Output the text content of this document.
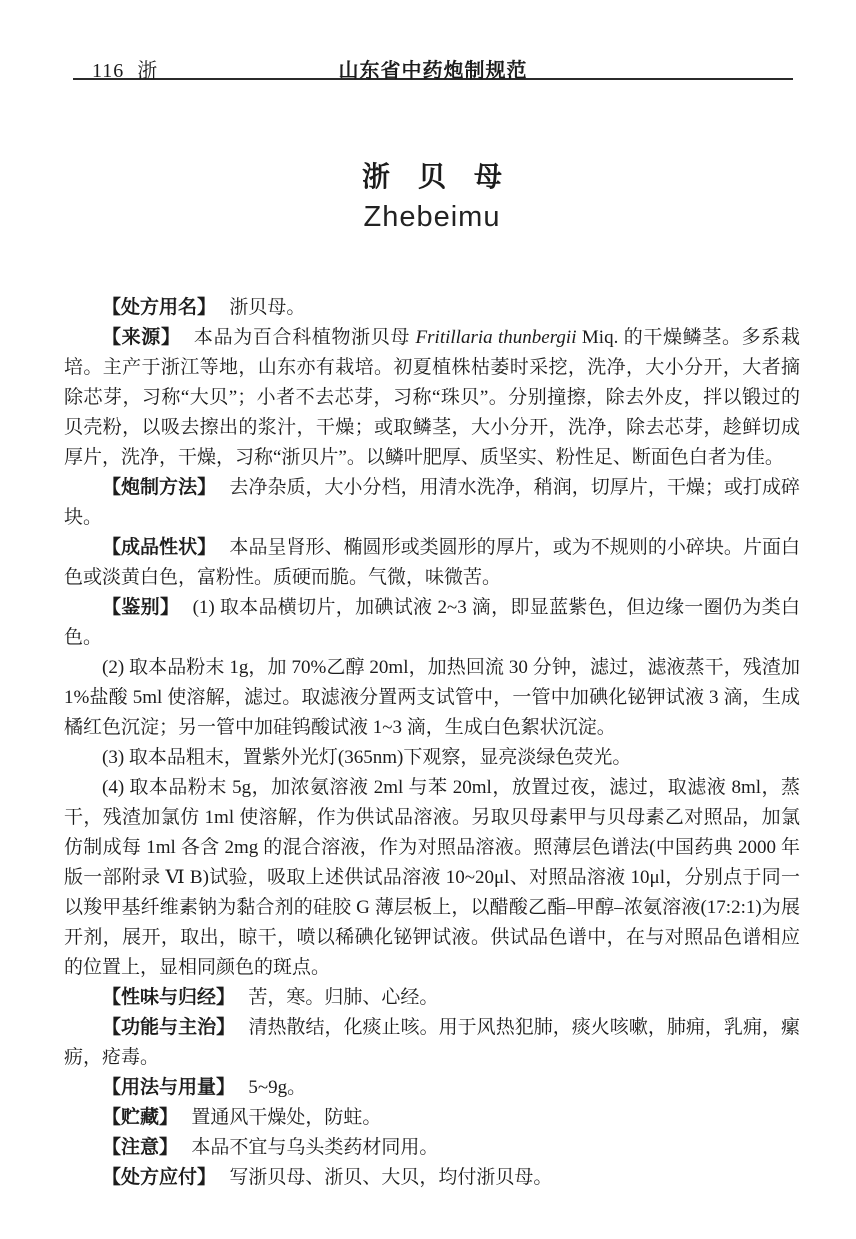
116 浙	山东省中药炮制规范
浙　贝　母
Zhebeimu

【处方用名】 浙贝母。

【来源】 本品为百合科植物浙贝母 Fritillaria thunbergii Miq. 的干燥鳞茎。多系栽培。主产于浙江等地，山东亦有栽培。初夏植株枯萎时采挖，洗净，大小分开，大者摘除芯芽，习称“大贝”；小者不去芯芽，习称“珠贝”。分别撞擦，除去外皮，拌以锻过的贝壳粉，以吸去擦出的浆汁，干燥；或取鳞茎，大小分开，洗净，除去芯芽，趁鲜切成厚片，洗净，干燥，习称“浙贝片”。以鳞叶肥厚、质坚实、粉性足、断面色白者为佳。

【炮制方法】 去净杂质，大小分档，用清水洗净，稍润，切厚片，干燥；或打成碎块。

【成品性状】 本品呈肾形、椭圆形或类圆形的厚片，或为不规则的小碎块。片面白色或淡黄白色，富粉性。质硬而脆。气微，味微苦。

【鉴别】 (1) 取本品横切片，加碘试液 2~3 滴，即显蓝紫色，但边缘一圈仍为类白色。

(2) 取本品粉末 1g，加 70%乙醇 20ml，加热回流 30 分钟，滤过，滤液蒸干，残渣加 1%盐酸 5ml 使溶解，滤过。取滤液分置两支试管中，一管中加碘化铋钾试液 3 滴，生成橘红色沉淀；另一管中加硅钨酸试液 1~3 滴，生成白色絮状沉淀。

(3) 取本品粗末，置紫外光灯(365nm)下观察，显亮淡绿色荧光。

(4) 取本品粉末 5g，加浓氨溶液 2ml 与苯 20ml，放置过夜，滤过，取滤液 8ml，蒸干，残渣加氯仿 1ml 使溶解，作为供试品溶液。另取贝母素甲与贝母素乙对照品，加氯仿制成每 1ml 各含 2mg 的混合溶液，作为对照品溶液。照薄层色谱法(中国药典 2000 年版一部附录 Ⅵ B)试验，吸取上述供试品溶液 10~20μl、对照品溶液 10μl，分别点于同一以羧甲基纤维素钠为黏合剂的硅胶 G 薄层板上，以醋酸乙酯–甲醇–浓氨溶液(17:2:1)为展开剂，展开，取出，晾干，喷以稀碘化铋钾试液。供试品色谱中，在与对照品色谱相应的位置上，显相同颜色的斑点。

【性味与归经】 苦，寒。归肺、心经。

【功能与主治】 清热散结，化痰止咳。用于风热犯肺，痰火咳嗽，肺痈，乳痈，瘰疬，疮毒。

【用法与用量】 5~9g。

【贮藏】 置通风干燥处，防蛀。

【注意】 本品不宜与乌头类药材同用。

【处方应付】 写浙贝母、浙贝、大贝，均付浙贝母。
